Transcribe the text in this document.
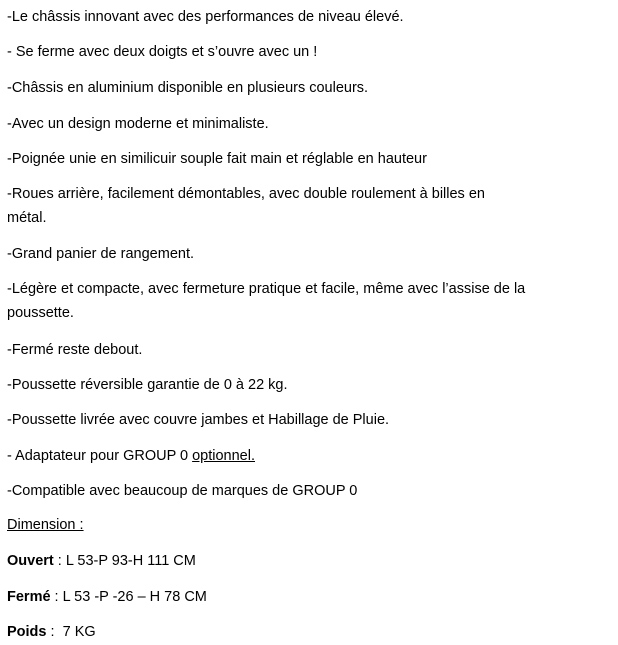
-Le châssis innovant avec des performances de niveau élevé.
- Se ferme avec deux doigts et s’ouvre avec un !
-Châssis en aluminium disponible en plusieurs couleurs.
-Avec un design moderne et minimaliste.
-Poignée unie en similicuir souple fait main et réglable en hauteur
-Roues arrière, facilement démontables, avec double roulement à billes en
métal.
-Grand panier de rangement.
-Légère et compacte, avec fermeture pratique et facile, même avec l’assise de la
poussette.
-Fermé reste debout.
-Poussette réversible garantie de 0 à 22 kg.
-Poussette livrée avec couvre jambes et Habillage de Pluie.
- Adaptateur pour GROUP 0 optionnel.
-Compatible avec beaucoup de marques de GROUP 0
Dimension :
Ouvert : L 53-P 93-H 111 CM
Fermé : L 53 -P -26 – H 78 CM
Poids :  7 KG
